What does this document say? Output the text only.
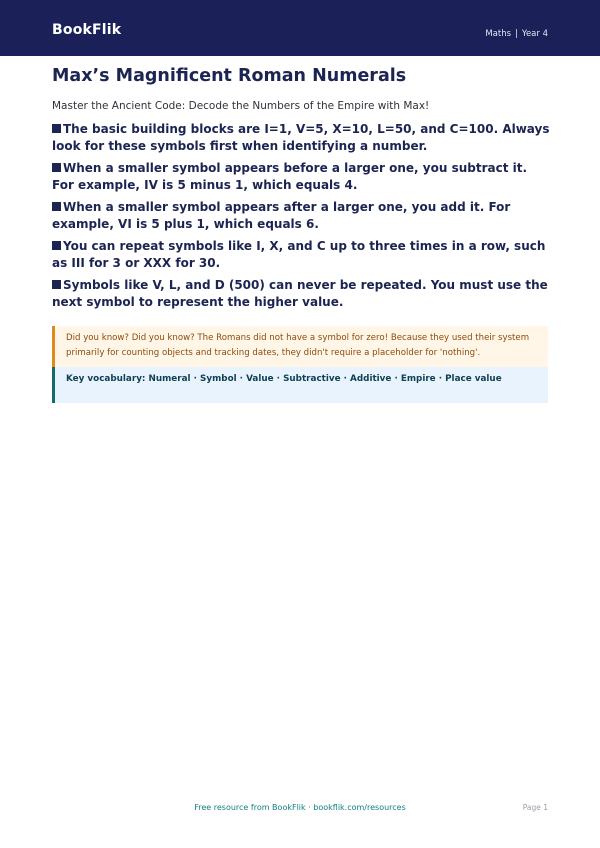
BookFlik	Maths | Year 4
Max’s Magnificent Roman Numerals
Master the Ancient Code: Decode the Numbers of the Empire with Max!
The basic building blocks are I=1, V=5, X=10, L=50, and C=100. Always look for these symbols first when identifying a number.
When a smaller symbol appears before a larger one, you subtract it. For example, IV is 5 minus 1, which equals 4.
When a smaller symbol appears after a larger one, you add it. For example, VI is 5 plus 1, which equals 6.
You can repeat symbols like I, X, and C up to three times in a row, such as III for 3 or XXX for 30.
Symbols like V, L, and D (500) can never be repeated. You must use the next symbol to represent the higher value.
Did you know? Did you know? The Romans did not have a symbol for zero! Because they used their system primarily for counting objects and tracking dates, they didn't require a placeholder for 'nothing'.
Key vocabulary: Numeral · Symbol · Value · Subtractive · Additive · Empire · Place value
Free resource from BookFlik · bookflik.com/resources	Page 1
